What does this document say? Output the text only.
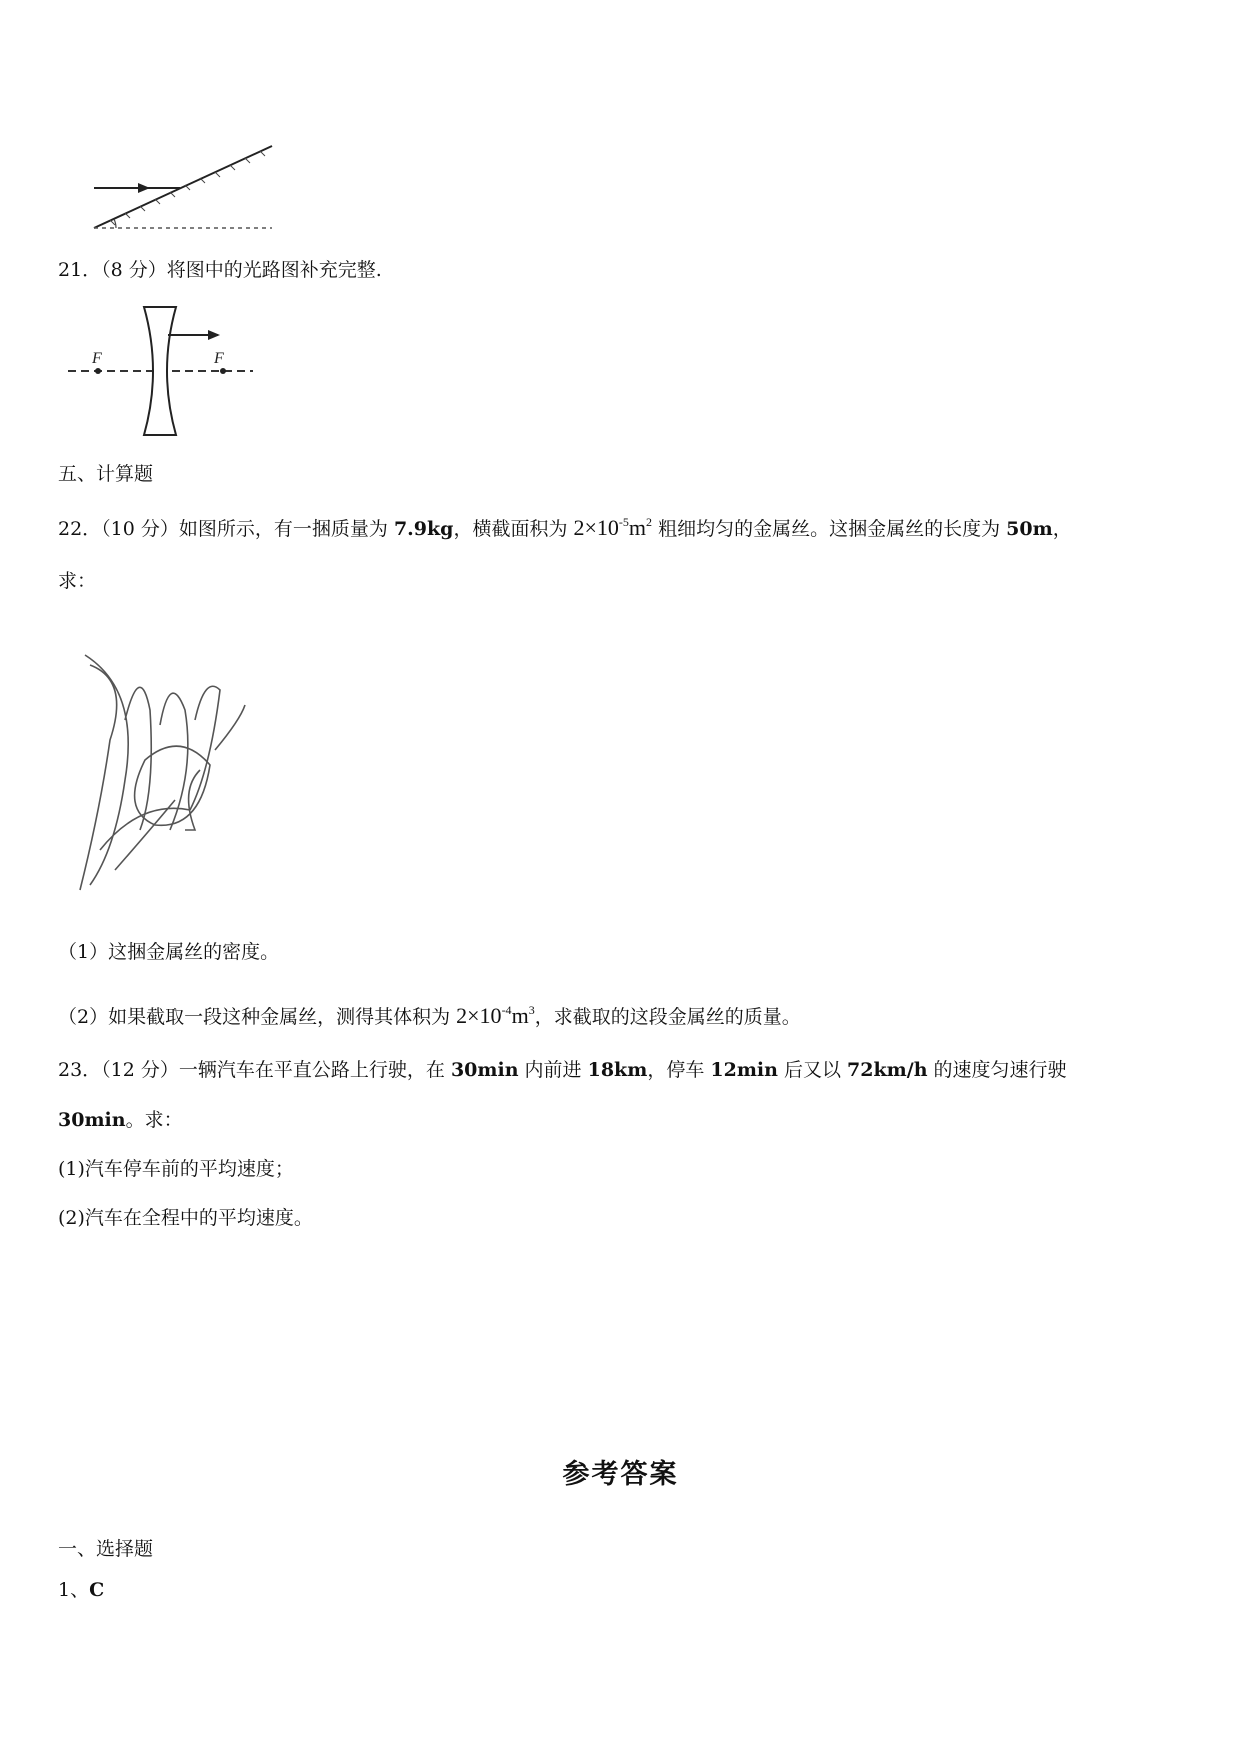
21．（8 分）将图中的光路图补充完整.
F	F
五、计算题
22．（10 分）如图所示，有一捆质量为 7.9kg，横截面积为 $2\times 10^{-5}m^2$ 粗细均匀的金属丝。这捆金属丝的长度为 50m，
求：
（1）这捆金属丝的密度。
（2）如果截取一段这种金属丝，测得其体积为 $2\times 10^{-4}m^3$，求截取的这段金属丝的质量。
23．（12 分）一辆汽车在平直公路上行驶，在 30min 内前进 18km，停车 12min 后又以 72km/h 的速度匀速行驶
30min。求：
(1)汽车停车前的平均速度；
(2)汽车在全程中的平均速度。
参考答案
一、选择题
1、C
